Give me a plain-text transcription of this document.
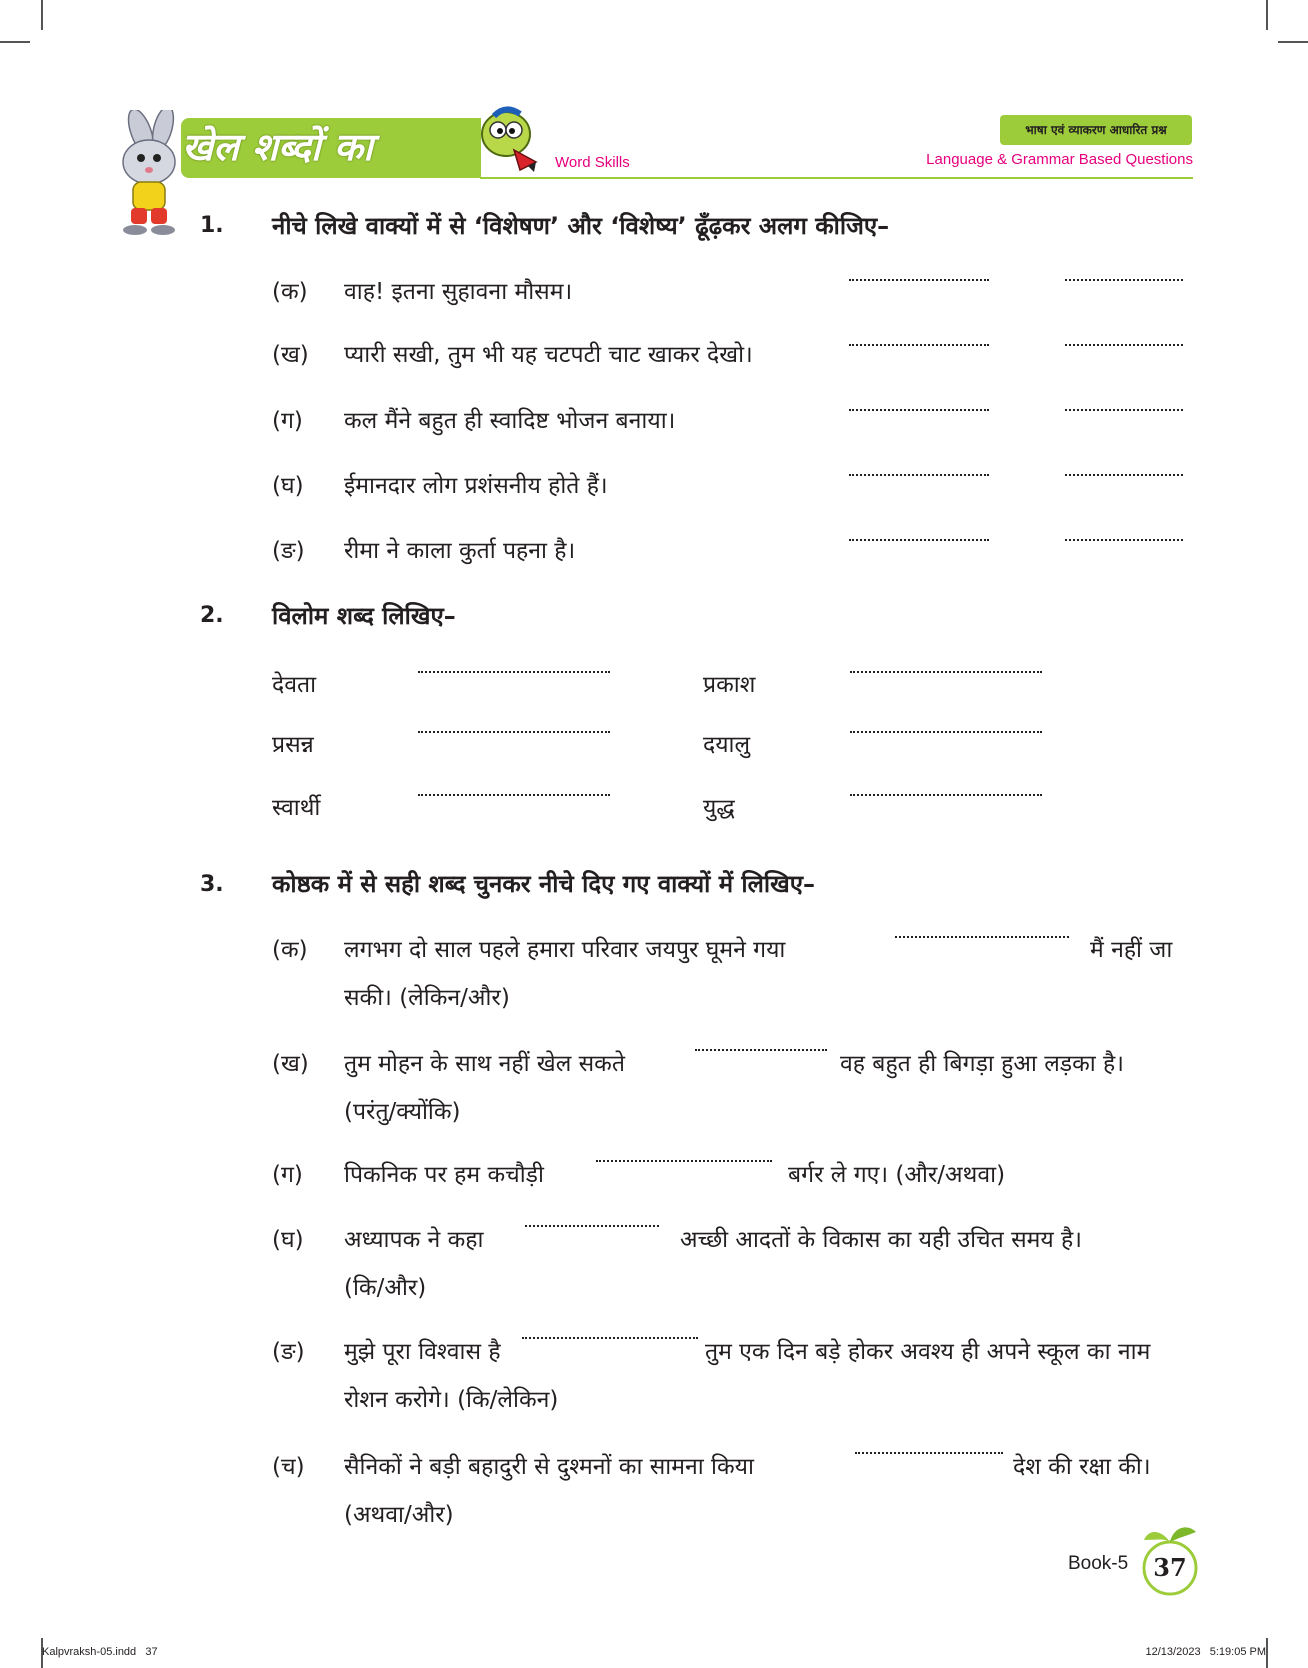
खेल शब्दों का	Word Skills
भाषा एवं व्याकरण आधारित प्रश्न
Language & Grammar Based Questions
1. नीचे लिखे वाक्यों में से ‘विशेषण’ और ‘विशेष्य’ ढूँढ़कर अलग कीजिए–
(क) वाह! इतना सुहावना मौसम।
(ख) प्यारी सखी, तुम भी यह चटपटी चाट खाकर देखो।
(ग) कल मैंने बहुत ही स्वादिष्ट भोजन बनाया।
(घ) ईमानदार लोग प्रशंसनीय होते हैं।
(ङ) रीमा ने काला कुर्ता पहना है।
2. विलोम शब्द लिखिए–
देवता	प्रकाश
प्रसन्न	दयालु
स्वार्थी	युद्ध
3. कोष्ठक में से सही शब्द चुनकर नीचे दिए गए वाक्यों में लिखिए–
(क) लगभग दो साल पहले हमारा परिवार जयपुर घूमने गया	मैं नहीं जा
सकी। (लेकिन/और)
(ख) तुम मोहन के साथ नहीं खेल सकते	वह बहुत ही बिगड़ा हुआ लड़का है।
(परंतु/क्योंकि)
(ग) पिकनिक पर हम कचौड़ी	बर्गर ले गए। (और/अथवा)
(घ) अध्यापक ने कहा	अच्छी आदतों के विकास का यही उचित समय है।
(कि/और)
(ङ) मुझे पूरा विश्वास है	तुम एक दिन बड़े होकर अवश्य ही अपने स्कूल का नाम
रोशन करोगे। (कि/लेकिन)
(च) सैनिकों ने बड़ी बहादुरी से दुश्मनों का सामना किया	देश की रक्षा की।
(अथवा/और)
Book-5	37
Kalpvraksh-05.indd   37	12/13/2023   5:19:05 PM
